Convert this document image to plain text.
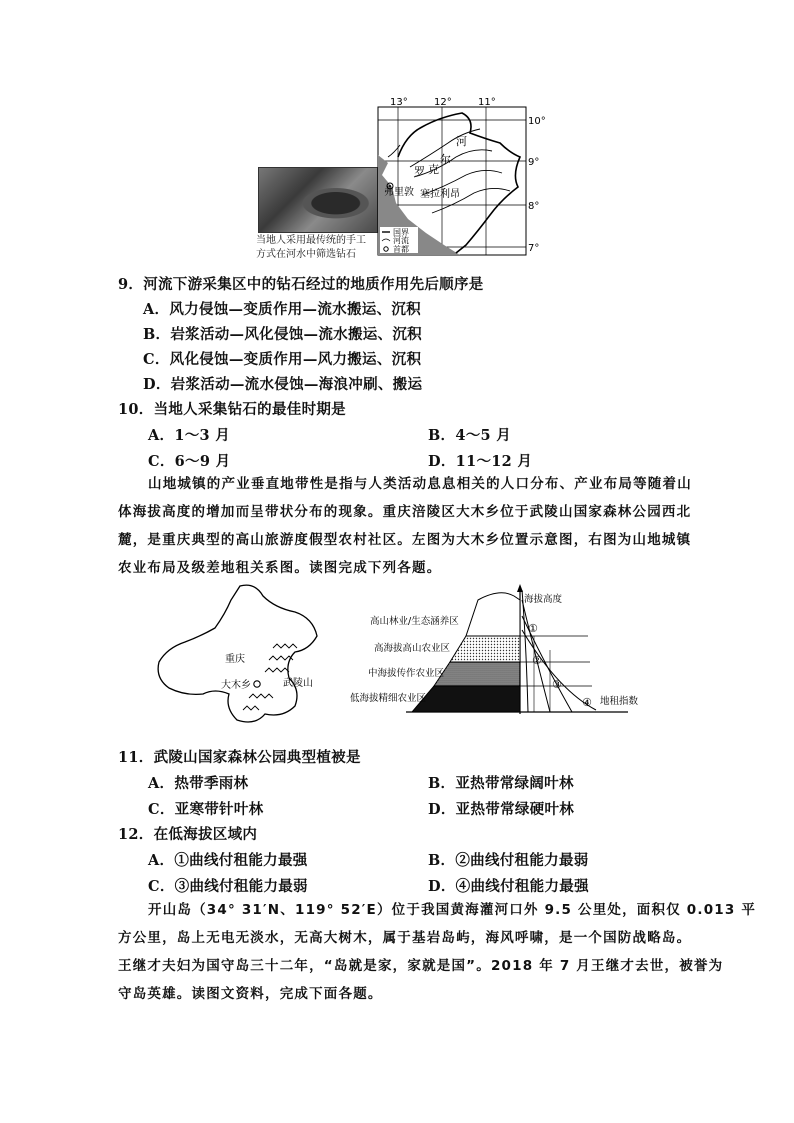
当地人采用最传统的手工
方式在河水中筛选钻石
13°	12°	11°
10°
9°
8°
7°
河
尔
克
罗
弗里敦 塞拉利昂
国界
河流
首都
9．河流下游采集区中的钻石经过的地质作用先后顺序是
A．风力侵蚀—变质作用—流水搬运、沉积
B．岩浆活动—风化侵蚀—流水搬运、沉积
C．风化侵蚀—变质作用—风力搬运、沉积
D．岩浆活动—流水侵蚀—海浪冲刷、搬运
10．当地人采集钻石的最佳时期是
A．1～3 月	B．4～5 月
C．6～9 月	D．11～12 月
山地城镇的产业垂直地带性是指与人类活动息息相关的人口分布、产业布局等随着山
体海拔高度的增加而呈带状分布的现象。重庆涪陵区大木乡位于武陵山国家森林公园西北
麓，是重庆典型的高山旅游度假型农村社区。左图为大木乡位置示意图，右图为山地城镇
农业布局及级差地租关系图。读图完成下列各题。
重庆
大木乡	武陵山
海拔高度
地租指数
高山林业/生态涵养区
高海拔高山农业区
中海拔传作农业区
低海拔精细农业区
①
②
③
④
11．武陵山国家森林公园典型植被是
A．热带季雨林	B．亚热带常绿阔叶林
C．亚寒带针叶林	D．亚热带常绿硬叶林
12．在低海拔区域内
A．①曲线付租能力最强	B．②曲线付租能力最弱
C．③曲线付租能力最弱	D．④曲线付租能力最强
开山岛（34° 31′N、119° 52′E）位于我国黄海灌河口外 9.5 公里处，面积仅 0.013 平
方公里，岛上无电无淡水，无高大树木，属于基岩岛屿，海风呼啸，是一个国防战略岛。
王继才夫妇为国守岛三十二年，“岛就是家，家就是国”。2018 年 7 月王继才去世，被誉为
守岛英雄。读图文资料，完成下面各题。
